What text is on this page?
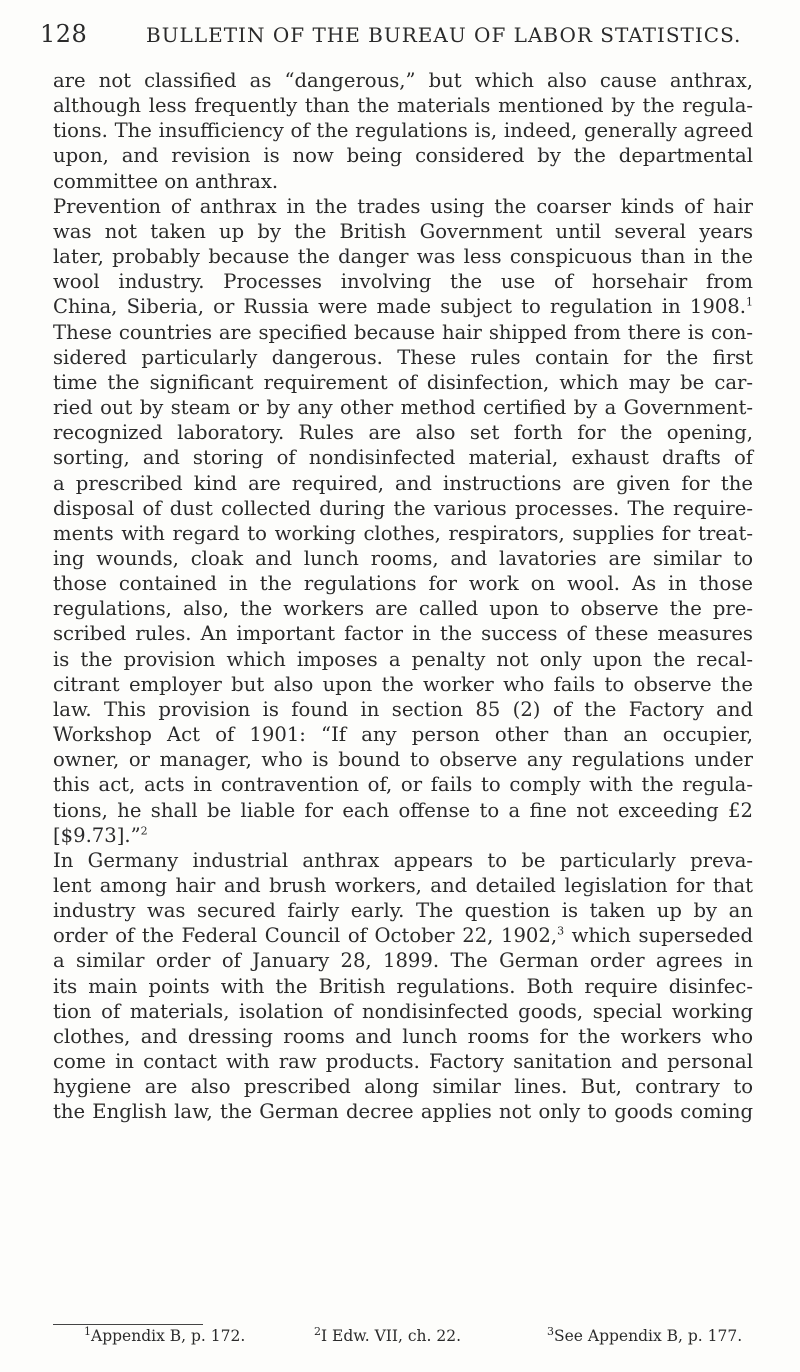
128	BULLETIN OF THE BUREAU OF LABOR STATISTICS.

are not classified as “dangerous,” but which also cause anthrax,
although less frequently than the materials mentioned by the regula-
tions. The insufficiency of the regulations is, indeed, generally agreed
upon, and revision is now being considered by the departmental
committee on anthrax.

Prevention of anthrax in the trades using the coarser kinds of hair
was not taken up by the British Government until several years
later, probably because the danger was less conspicuous than in the
wool industry. Processes involving the use of horsehair from
China, Siberia, or Russia were made subject to regulation in 1908.$^1$
These countries are specified because hair shipped from there is con-
sidered particularly dangerous. These rules contain for the first
time the significant requirement of disinfection, which may be car-
ried out by steam or by any other method certified by a Government-
recognized laboratory. Rules are also set forth for the opening,
sorting, and storing of nondisinfected material, exhaust drafts of
a prescribed kind are required, and instructions are given for the
disposal of dust collected during the various processes. The require-
ments with regard to working clothes, respirators, supplies for treat-
ing wounds, cloak and lunch rooms, and lavatories are similar to
those contained in the regulations for work on wool. As in those
regulations, also, the workers are called upon to observe the pre-
scribed rules. An important factor in the success of these measures
is the provision which imposes a penalty not only upon the recal-
citrant employer but also upon the worker who fails to observe the
law. This provision is found in section 85 (2) of the Factory and
Workshop Act of 1901: “If any person other than an occupier,
owner, or manager, who is bound to observe any regulations under
this act, acts in contravention of, or fails to comply with the regula-
tions, he shall be liable for each offense to a fine not exceeding £2
[$9.73].”$^2$

In Germany industrial anthrax appears to be particularly preva-
lent among hair and brush workers, and detailed legislation for that
industry was secured fairly early. The question is taken up by an
order of the Federal Council of October 22, 1902,$^3$ which superseded
a similar order of January 28, 1899. The German order agrees in
its main points with the British regulations. Both require disinfec-
tion of materials, isolation of nondisinfected goods, special working
clothes, and dressing rooms and lunch rooms for the workers who
come in contact with raw products. Factory sanitation and personal
hygiene are also prescribed along similar lines. But, contrary to
the English law, the German decree applies not only to goods coming

$^1$Appendix B, p. 172.	$^2$I Edw. VII, ch. 22.	$^3$See Appendix B, p. 177.
